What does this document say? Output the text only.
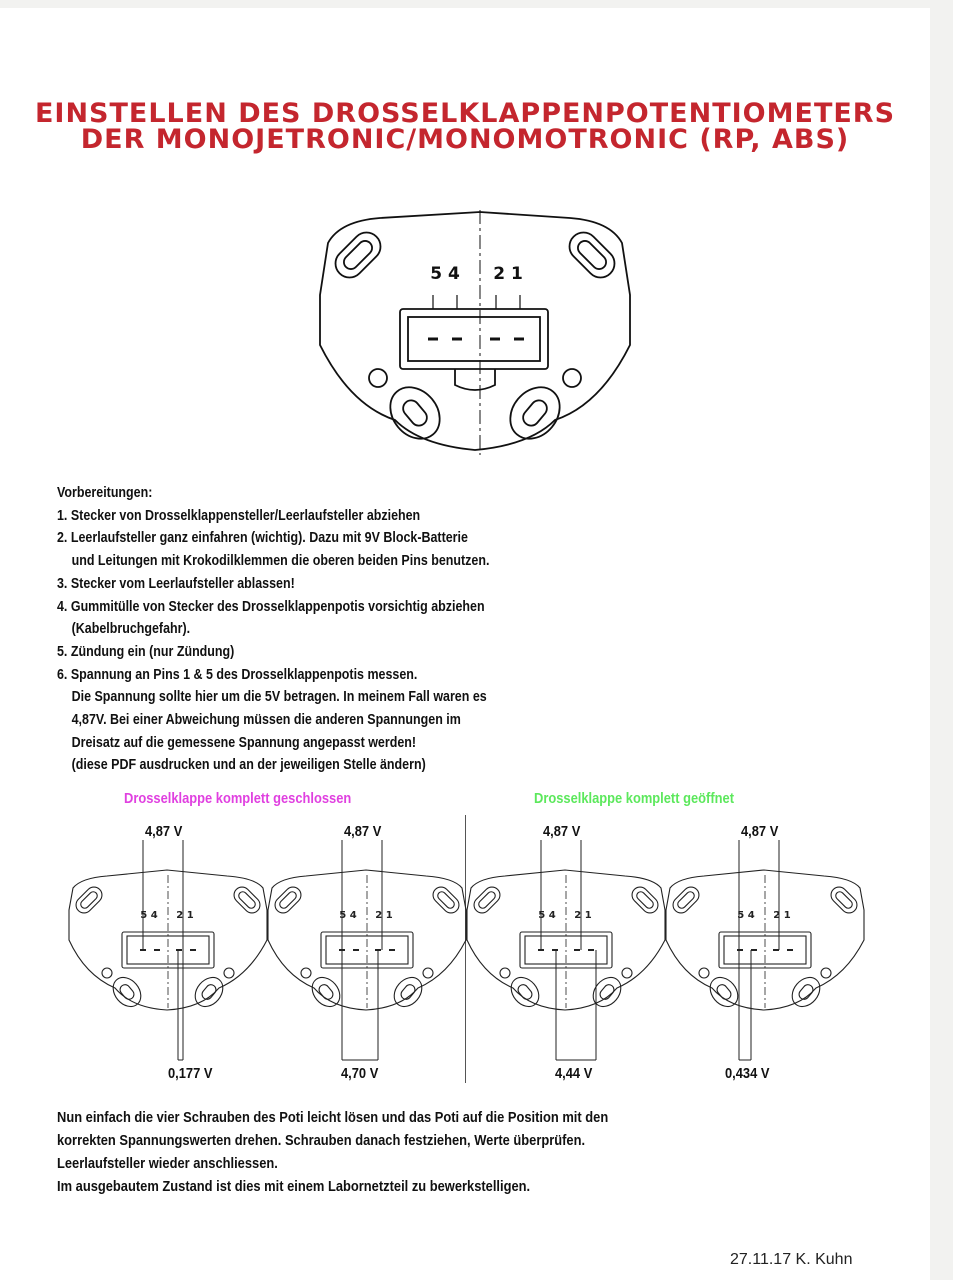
EINSTELLEN DES DROSSELKLAPPENPOTENTIOMETERS
DER MONOJETRONIC/MONOMOTRONIC (RP, ABS)
5 4 2 1
Vorbereitungen:
1. Stecker von Drosselklappensteller/Leerlaufsteller abziehen
2. Leerlaufsteller ganz einfahren (wichtig). Dazu mit 9V Block-Batterie
und Leitungen mit Krokodilklemmen die oberen beiden Pins benutzen.
3. Stecker vom Leerlaufsteller ablassen!
4. Gummitülle von Stecker des Drosselklappenpotis vorsichtig abziehen
(Kabelbruchgefahr).
5. Zündung ein (nur Zündung)
6. Spannung an Pins 1 & 5 des Drosselklappenpotis messen.
Die Spannung sollte hier um die 5V betragen. In meinem Fall waren es
4,87V. Bei einer Abweichung müssen die anderen Spannungen im
Dreisatz auf die gemessene Spannung angepasst werden!
(diese PDF ausdrucken und an der jeweiligen Stelle ändern)
Drosselklappe komplett geschlossen	Drosselklappe komplett geöffnet
5 4 2 1	5 4 2 1	5 4 2 1	5 4 2 1
4,87 V	4,87 V	4,87 V	4,87 V
0,177 V	4,70 V	4,44 V	0,434 V
Nun einfach die vier Schrauben des Poti leicht lösen und das Poti auf die Position mit den
korrekten Spannungswerten drehen. Schrauben danach festziehen, Werte überprüfen.
Leerlaufsteller wieder anschliessen.
Im ausgebautem Zustand ist dies mit einem Labornetzteil zu bewerkstelligen.
27.11.17 K. Kuhn
